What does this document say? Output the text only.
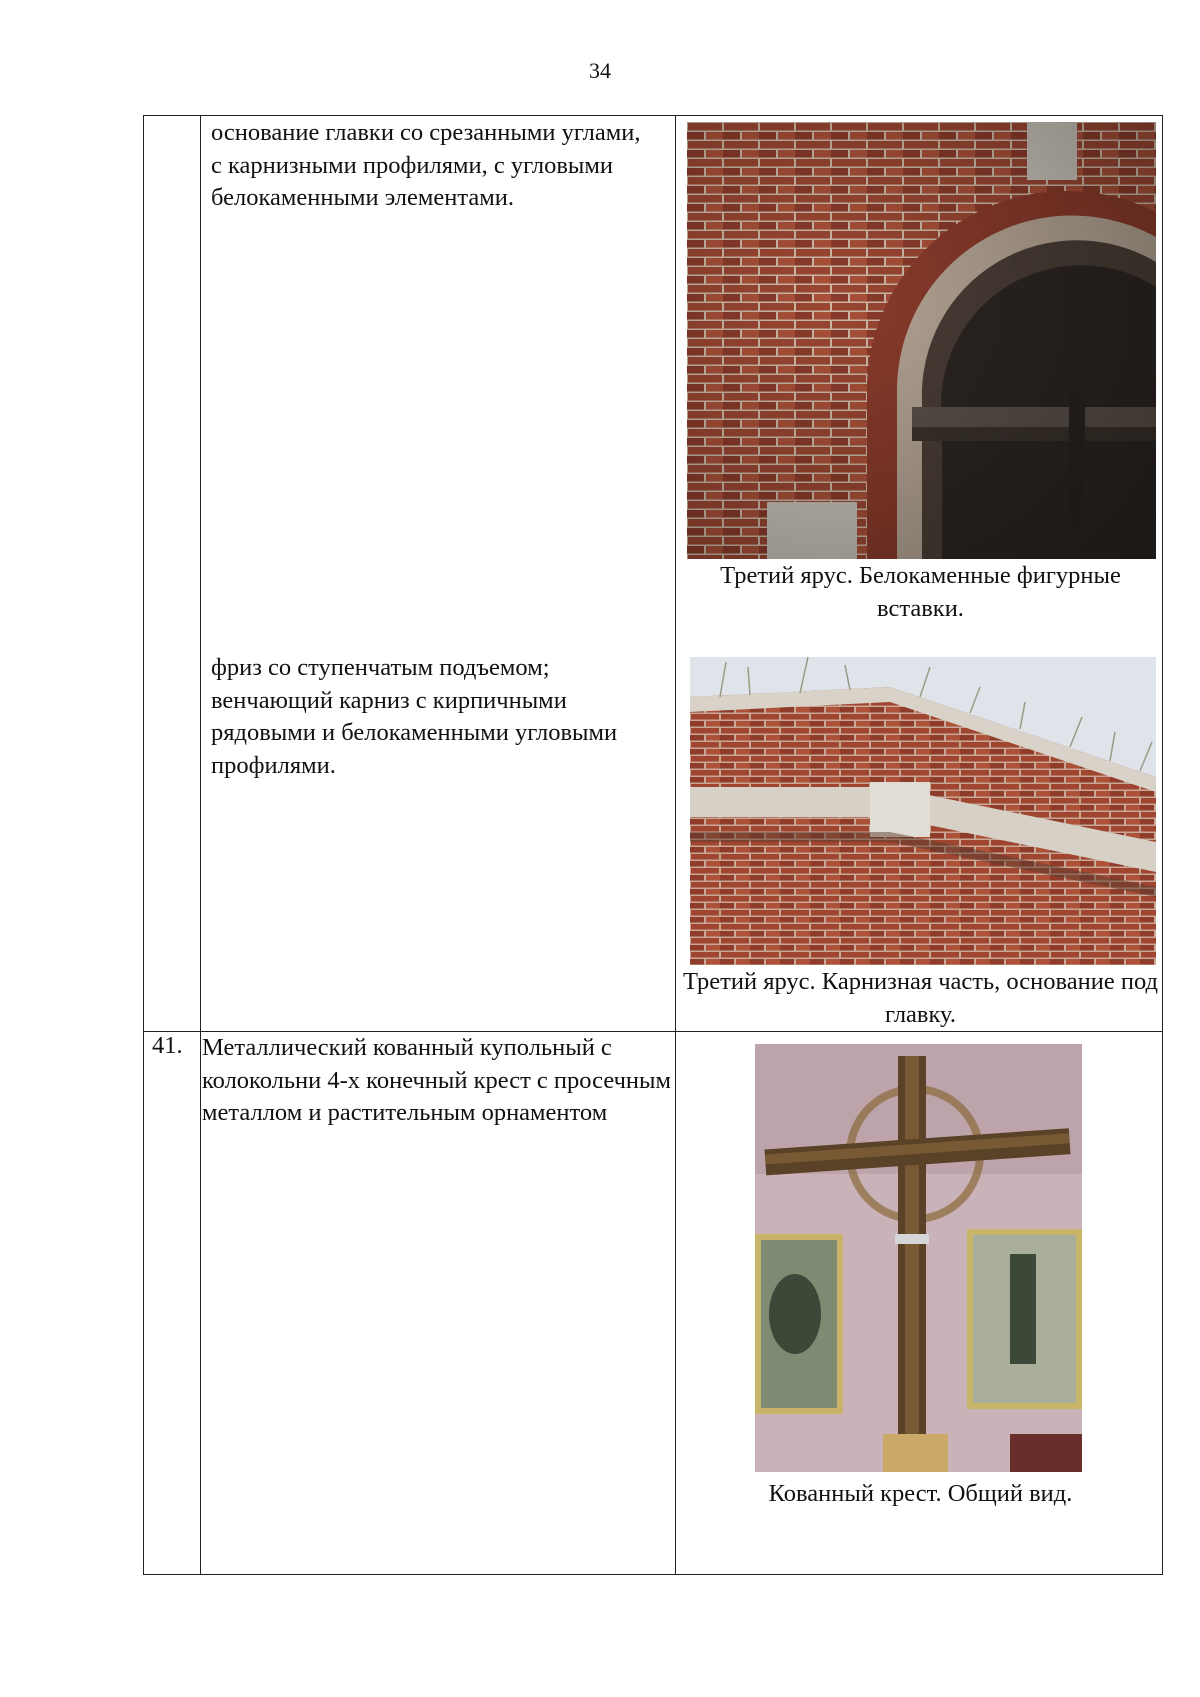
34
основание главки со срезанными углами, с карнизными профилями, с угловыми белокаменными элементами.
Третий ярус. Белокаменные фигурные вставки.
фриз со ступенчатым подъемом; венчающий карниз с кирпичными рядовыми и белокаменными угловыми профилями.
Третий ярус. Карнизная часть, основание под главку.
41. Металлический кованный купольный с колокольни 4-х конечный крест с просечным металлом и растительным орнаментом
Кованный крест. Общий вид.
